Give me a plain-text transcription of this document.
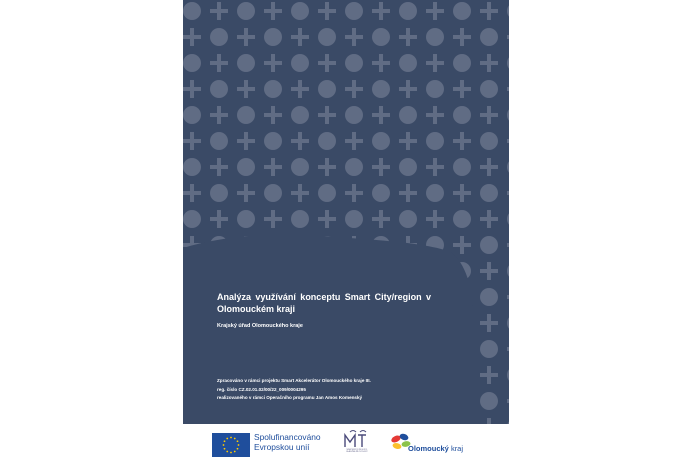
Analýza využívání konceptu Smart City/region v Olomouckém kraji

Krajský úřad Olomouckého kraje

Zpracováno v rámci projektu Smart Akcelerátor Olomouckého kraje III.
reg. číslo CZ.02.01.02/00/22_009/0004295
realizovaného v rámci Operačního programu Jan Amos Komenský
Spolufinancováno
Evropskou unií	MINISTERSTVO ŠKOLSTVÍ, MLÁDEŽE A TĚLOVÝCHOVY	Olomoucký kraj
